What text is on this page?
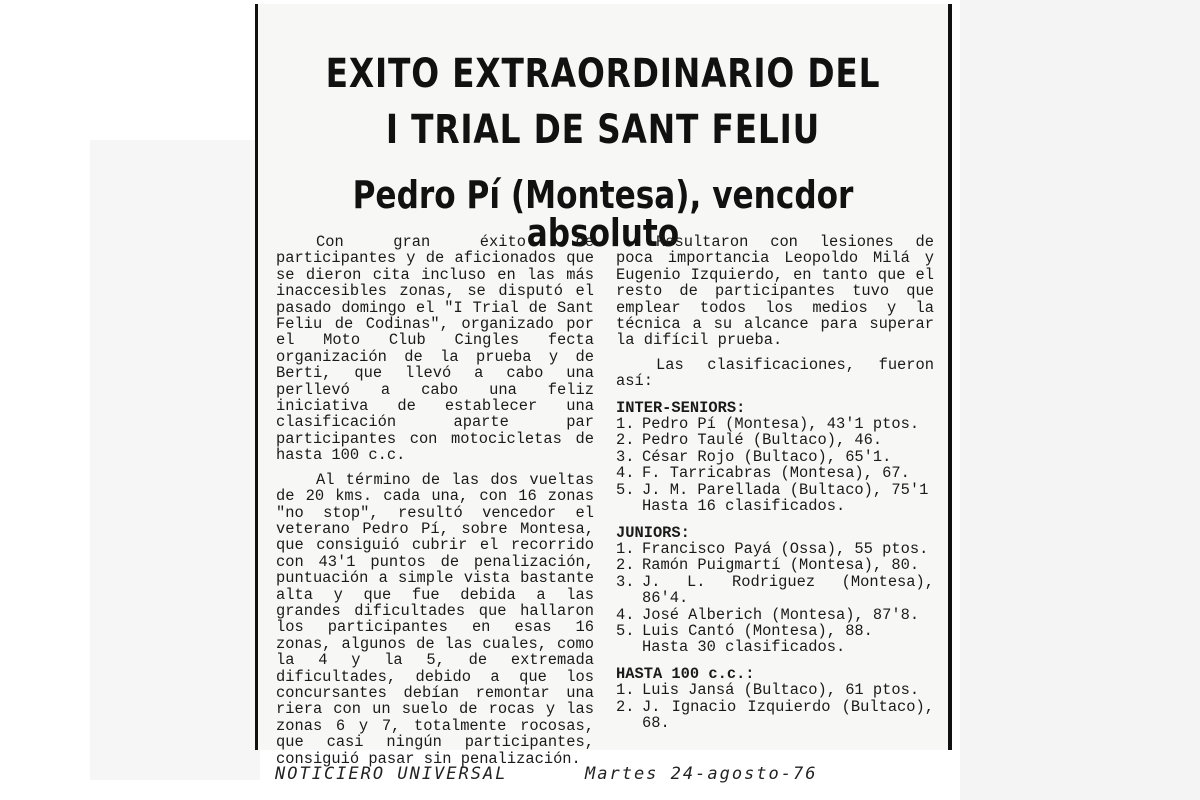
EXITO EXTRAORDINARIO DEL
I TRIAL DE SANT FELIU
Pedro Pí (Montesa), vencdor absoluto

Con gran éxito de participantes y de aficionados que se dieron cita incluso en las más inaccesibles zonas, se disputó el pasado domingo el "I Trial de Sant Feliu de Codinas", organizado por el Moto Club Cingles fecta organización de la prueba y de Berti, que llevó a cabo una perllevó a cabo una feliz iniciativa de establecer una clasificación aparte par participantes con motocicletas de hasta 100 c.c.

Al término de las dos vueltas de 20 kms. cada una, con 16 zonas "no stop", resultó vencedor el veterano Pedro Pí, sobre Montesa, que consiguió cubrir el recorrido con 43'1 puntos de penalización, puntuación a simple vista bastante alta y que fue debida a las grandes dificultades que hallaron los participantes en esas 16 zonas, algunos de las cuales, como la 4 y la 5, de extremada dificultades, debido a que los concursantes debían remontar una riera con un suelo de rocas y las zonas 6 y 7, totalmente rocosas, que casi ningún participantes, consiguió pasar sin penalización.

Resultaron con lesiones de poca importancia Leopoldo Milá y Eugenio Izquierdo, en tanto que el resto de participantes tuvo que emplear todos los medios y la técnica a su alcance para superar la difícil prueba.

Las clasificaciones, fueron así:

INTER-SENIORS:
1. Pedro Pí (Montesa), 43'1 ptos.
2. Pedro Taulé (Bultaco), 46.
3. César Rojo (Bultaco), 65'1.
4. F. Tarricabras (Montesa), 67.
5. J. M. Parellada (Bultaco), 75'1
Hasta 16 clasificados.
JUNIORS:
1. Francisco Payá (Ossa), 55 ptos.
2. Ramón Puigmartí (Montesa), 80.
3. J. L. Rodriguez (Montesa), 86'4.
4. José Alberich (Montesa), 87'8.
5. Luis Cantó (Montesa), 88.
Hasta 30 clasificados.
HASTA 100 c.c.:
1. Luis Jansá (Bultaco), 61 ptos.
2. J. Ignacio Izquierdo (Bultaco), 68.
NOTICIERO UNIVERSAL	Martes 24-agosto-76
